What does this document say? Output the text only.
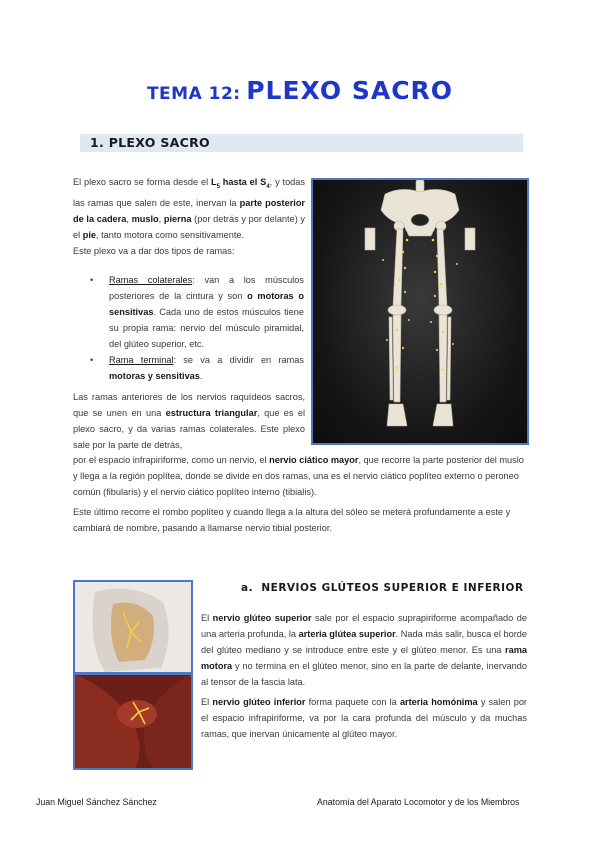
TEMA 12: PLEXO SACRO
1. PLEXO SACRO
El plexo sacro se forma desde el $L_5$ hasta el $S_4$, y todas las ramas que salen de este, inervan la parte posterior de la cadera, muslo, pierna (por detrás y por delante) y el pie, tanto motora como sensitivamente.
Este plexo va a dar dos tipos de ramas:
• Ramas colaterales: van a los músculos posteriores de la cintura y son o motoras o sensitivas. Cada uno de estos músculos tiene su propia rama: nervio del músculo piramidal, del glúteo superior, etc.
• Rama terminal: se va a dividir en ramas motoras y sensitivas.
Las ramas anteriores de los nervios raquídeos sacros, que se unen en una estructura triangular, que es el plexo sacro, y da varias ramas colaterales. Este plexo sale por la parte de detrás,
por el espacio infrapiriforme, como un nervio, el nervio ciático mayor, que recorre la parte posterior del muslo y llega a la región poplítea, donde se divide en dos ramas, una es el nervio ciático poplíteo externo o peroneo común (fibularis) y el nervio ciático poplíteo interno (tibialis).
Este último recorre el rombo poplíteo y cuando llega a la altura del sóleo se meterá profundamente a este y cambiará de nombre, pasando a llamarse nervio tibial posterior.
a. NERVIOS GLÚTEOS SUPERIOR E INFERIOR
El nervio glúteo superior sale por el espacio suprapiriforme acompañado de una arteria profunda, la arteria glútea superior. Nada más salir, busca el borde del glúteo mediano y se introduce entre este y el glúteo menor. Es una rama motora y no termina en el glúteo menor, sino en la parte de delante, inervando al tensor de la fascia lata.
El nervio glúteo inferior forma paquete con la arteria homónima y salen por el espacio infrapiriforme, va por la cara profunda del músculo y da muchas ramas, que inervan únicamente al glúteo mayor.
Juan Miguel Sánchez Sánchez	Anatomía del Aparato Locomotor y de los Miembros
